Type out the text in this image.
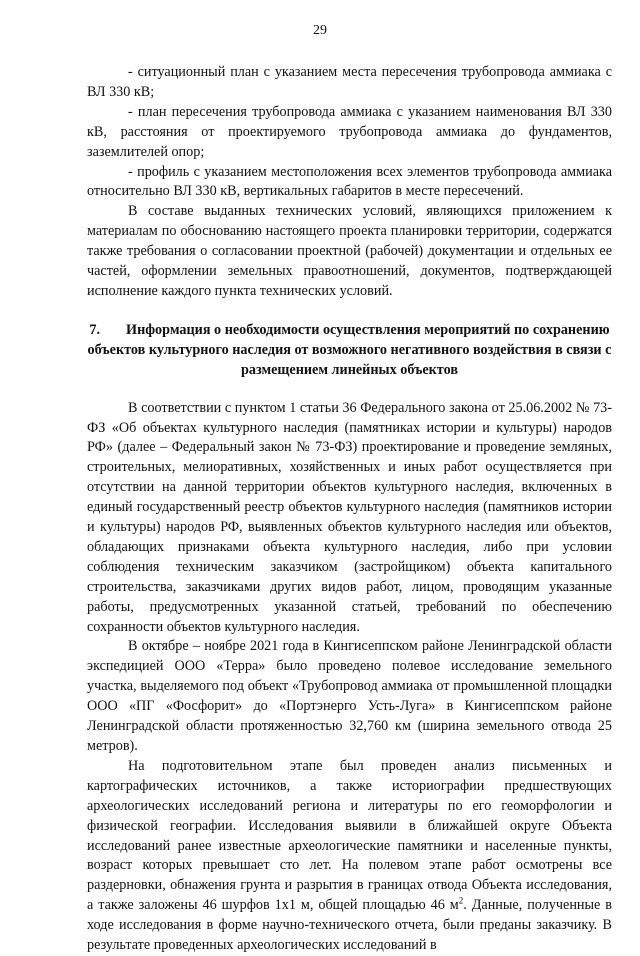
29

- ситуационный план с указанием места пересечения трубопровода аммиака с ВЛ 330 кВ;

- план пересечения трубопровода аммиака с указанием наименования ВЛ 330 кВ, расстояния от проектируемого трубопровода аммиака до фундаментов, заземлителей опор;

- профиль с указанием местоположения всех элементов трубопровода аммиака относительно ВЛ 330 кВ, вертикальных габаритов в месте пересечений.

В составе выданных технических условий, являющихся приложением к материалам по обоснованию настоящего проекта планировки территории, содержатся также требования о согласовании проектной (рабочей) документации и отдельных ее частей, оформлении земельных правоотношений, документов, подтверждающей исполнение каждого пункта технических условий.

7. Информация о необходимости осуществления мероприятий по сохранению объектов культурного наследия от возможного негативного воздействия в связи с размещением линейных объектов

В соответствии с пунктом 1 статьи 36 Федерального закона от 25.06.2002 № 73-ФЗ «Об объектах культурного наследия (памятниках истории и культуры) народов РФ» (далее – Федеральный закон № 73-ФЗ) проектирование и проведение земляных, строительных, мелиоративных, хозяйственных и иных работ осуществляется при отсутствии на данной территории объектов культурного наследия, включенных в единый государственный реестр объектов культурного наследия (памятников истории и культуры) народов РФ, выявленных объектов культурного наследия или объектов, обладающих признаками объекта культурного наследия, либо при условии соблюдения техническим заказчиком (застройщиком) объекта капитального строительства, заказчиками других видов работ, лицом, проводящим указанные работы, предусмотренных указанной статьей, требований по обеспечению сохранности объектов культурного наследия.

В октябре – ноябре 2021 года в Кингисеппском районе Ленинградской области экспедицией ООО «Терра» было проведено полевое исследование земельного участка, выделяемого под объект «Трубопровод аммиака от промышленной площадки ООО «ПГ «Фосфорит» до «Портэнерго Усть-Луга» в Кингисеппском районе Ленинградской области протяженностью 32,760 км (ширина земельного отвода 25 метров).

На подготовительном этапе был проведен анализ письменных и картографических источников, а также историографии предшествующих археологических исследований региона и литературы по его геоморфологии и физической географии. Исследования выявили в ближайшей округе Объекта исследований ранее известные археологические памятники и населенные пункты, возраст которых превышает сто лет. На полевом этапе работ осмотрены все раздерновки, обнажения грунта и разрытия в границах отвода Объекта исследования, а также заложены 46 шурфов 1х1 м, общей площадью 46 $м^2$. Данные, полученные в ходе исследования в форме научно-технического отчета, были преданы заказчику. В результате проведенных археологических исследований в
